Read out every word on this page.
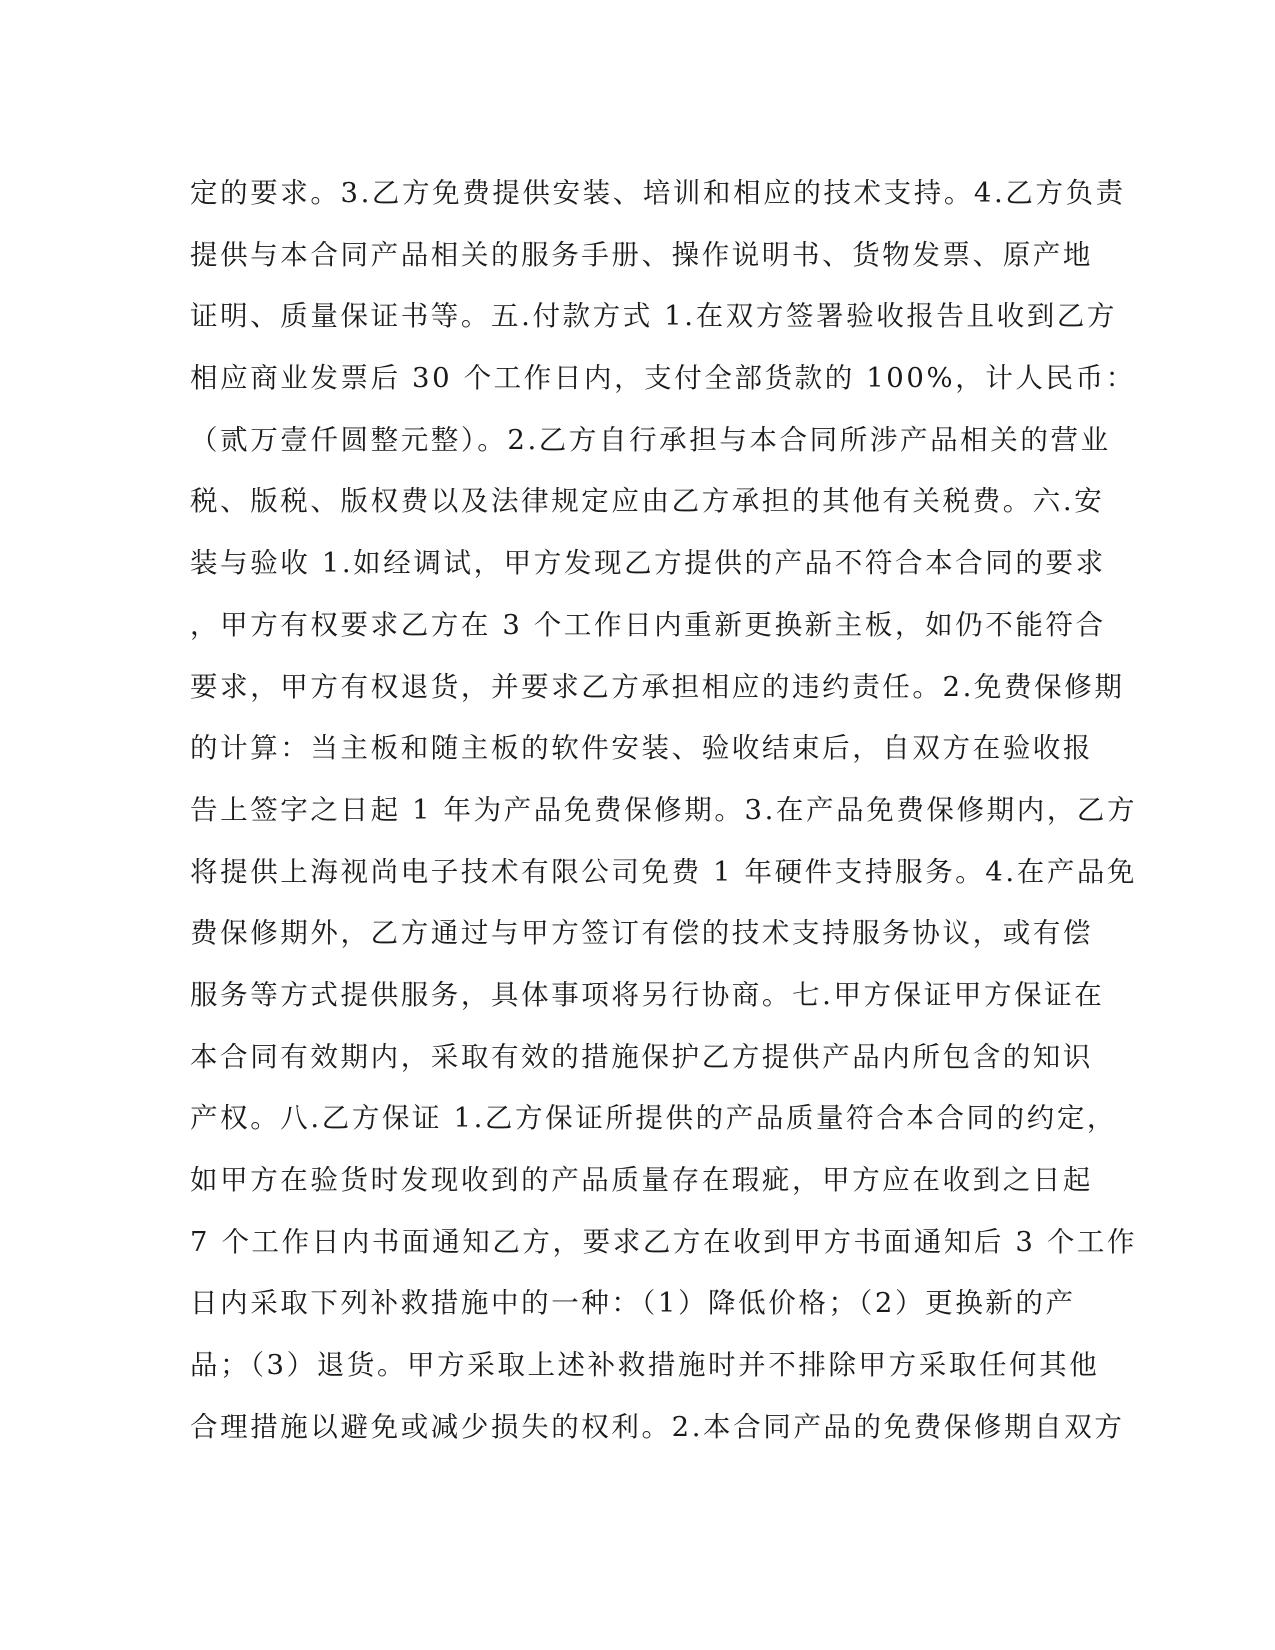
定的要求。3.乙方免费提供安装、培训和相应的技术支持。4.乙方负责
提供与本合同产品相关的服务手册、操作说明书、货物发票、原产地
证明、质量保证书等。五.付款方式 1.在双方签署验收报告且收到乙方
相应商业发票后 30 个工作日内，支付全部货款的 100%，计人民币：
（贰万壹仟圆整元整）。2.乙方自行承担与本合同所涉产品相关的营业
税、版税、版权费以及法律规定应由乙方承担的其他有关税费。六.安
装与验收 1.如经调试，甲方发现乙方提供的产品不符合本合同的要求
，甲方有权要求乙方在 3 个工作日内重新更换新主板，如仍不能符合
要求，甲方有权退货，并要求乙方承担相应的违约责任。2.免费保修期
的计算：当主板和随主板的软件安装、验收结束后，自双方在验收报
告上签字之日起 1 年为产品免费保修期。3.在产品免费保修期内，乙方
将提供上海视尚电子技术有限公司免费 1 年硬件支持服务。4.在产品免
费保修期外，乙方通过与甲方签订有偿的技术支持服务协议，或有偿
服务等方式提供服务，具体事项将另行协商。七.甲方保证甲方保证在
本合同有效期内，采取有效的措施保护乙方提供产品内所包含的知识
产权。八.乙方保证 1.乙方保证所提供的产品质量符合本合同的约定，
如甲方在验货时发现收到的产品质量存在瑕疵，甲方应在收到之日起
7 个工作日内书面通知乙方，要求乙方在收到甲方书面通知后 3 个工作
日内采取下列补救措施中的一种：（1）降低价格；（2）更换新的产
品；（3）退货。甲方采取上述补救措施时并不排除甲方采取任何其他
合理措施以避免或减少损失的权利。2.本合同产品的免费保修期自双方
